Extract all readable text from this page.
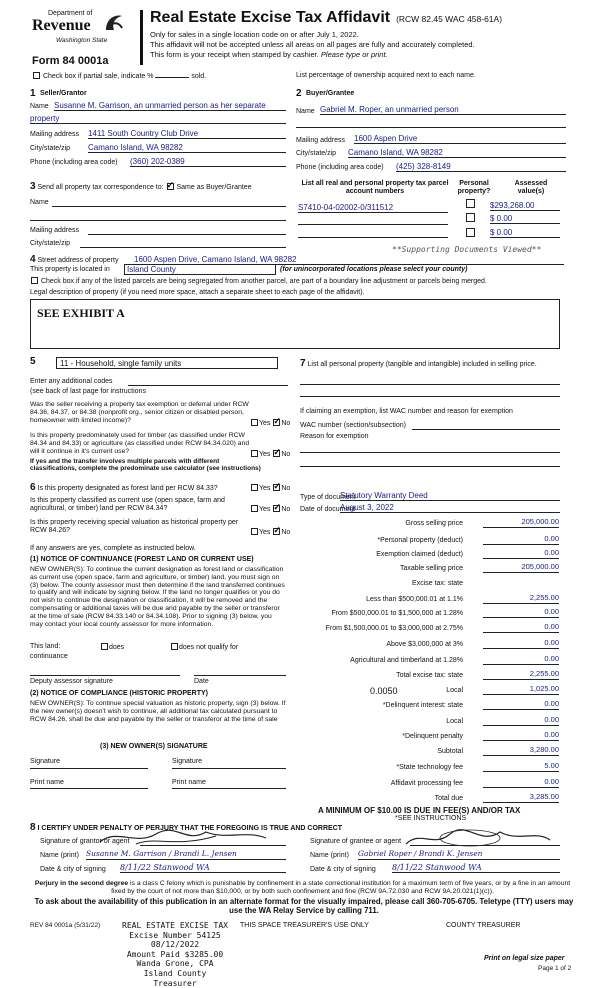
Department of
Revenue
Washington State
Form 84 0001a
Real Estate Excise Tax Affidavit (RCW 82.45 WAC 458-61A)
Only for sales in a single location code on or after July 1, 2022.
This affidavit will not be accepted unless all areas on all pages are fully and accurately completed.
This form is your receipt when stamped by cashier. Please type or print.
Check box if partial sale, indicate %	sold.	List percentage of ownership acquired next to each name.
1 Seller/Grantor
Name Susanne M. Garrison, an unmarried person as her separate
property
Mailing address 1411 South Country Club Drive
City/state/zip Camano Island, WA 98282
Phone (including area code) (360) 202-0389
2 Buyer/Grantee
Name Gabriel M. Roper, an unmarried person
Mailing address 1600 Aspen Drive
City/state/zip Camano Island, WA 98282
Phone (including area code) (425) 328-8149
3 Send all property tax correspondence to: ✓ Same as Buyer/Grantee
Name
Mailing address
City/state/zip
List all real and personal property tax parcel account numbers
Personal property?
Assessed value(s)
S7410-04-02002-0/311512	$293,268.00
$ 0.00
$ 0.00
**Supporting Documents Viewed**
4 Street address of property 1600 Aspen Drive, Camano Island, WA 98282
This property is located in	Island County	(for unincorporated locations please select your county)
Check box if any of the listed parcels are being segregated from another parcel, are part of a boundary line adjustment or parcels being merged.
Legal description of property (if you need more space, attach a separate sheet to each page of the affidavit).
SEE EXHIBIT A
5	11 - Household, single family units
Enter any additional codes
(see back of last page for instructions
Was the seller receiving a property tax exemption or deferral under RCW 84.36, 84.37, or 84.38 (nonprofit org., senior citizen or disabled person, homeowner with limited income)?	Yes ✓ No
Is this property predominately used for timber (as classified under RCW 84.34 and 84.33) or agriculture (as classified under RCW 84.34.020) and will it continue in it's current use?
If yes and the transfer involves multiple parcels with different classifications, complete the predominate use calculator (see instructions)
Yes ✓ No
6 Is this property designated as forest land per RCW 84.33?	Yes ✓ No
Is this property classified as current use (open space, farm and agricultural, or timber) land per RCW 84.34?	Yes ✓ No
Is this property receiving special valuation as historical property per RCW 84.26?	Yes ✓ No
If any answers are yes, complete as instructed below.
(1) NOTICE OF CONTINUANCE (FOREST LAND OR CURRENT USE)
NEW OWNER(S): To continue the current designation as forest land or classification as current use (open space, farm and agriculture, or timber) land, you must sign on (3) below. The county assessor must then determine if the land transferred continues to qualify and will indicate by signing below. If the land no longer qualifies or you do not wish to continue the designation or classification, it will be removed and the compensating or additional taxes will be due and payable by the seller or transferor at the time of sale (RCW 84.33.140 or 84.34.108). Prior to signing (3) below, you may contact your local county assessor for more information.
This land:	does	does not qualify for
continuance
Deputy assessor signature	Date
(2) NOTICE OF COMPLIANCE (HISTORIC PROPERTY)
NEW OWNER(S): To continue special valuation as historic property, sign (3) below. If the new owner(s) doesn't wish to continue, all additional tax calculated pursuant to RCW 84.26, shall be due and payable by the seller or transferor at the time of sale
(3) NEW OWNER(S) SIGNATURE
Signature	Signature
Print name	Print name
7 List all personal property (tangible and intangible) included in selling price.
If claiming an exemption, list WAC number and reason for exemption
WAC number (section/subsection)
Reason for exemption
Type of document
Statutory Warranty Deed
Date of document
August 3, 2022
Gross selling price	205,000.00
*Personal property (deduct)	0.00
Exemption claimed (deduct)	0.00
Taxable selling price	205,000.00
Excise tax: state
Less than $500,000.01 at 1.1%	2,255.00
From $500,000.01 to $1,500,000 at 1.28%	0.00
From $1,500,000.01 to $3,000,000 at 2.75%	0.00
Above $3,000,000 at 3%	0.00
Agricultural and timberland at 1.28%	0.00
Total excise tax: state	2,255.00
0.0050	Local	1,025.00
*Delinquent interest: state	0.00
Local	0.00
*Delinquent penalty	0.00
Subtotal	3,280.00
*State technology fee	5.00
Affidavit processing fee	0.00
Total due	3,285.00
A MINIMUM OF $10.00 IS DUE IN FEE(S) AND/OR TAX
*SEE INSTRUCTIONS
8 I CERTIFY UNDER PENALTY OF PERJURY THAT THE FOREGOING IS TRUE AND CORRECT
Signature of grantor or agent
Name (print) Susanne M. Garrison / Brandi L. Jensen
Date & city of signing 8/11/22 Stanwood WA
Signature of grantee or agent
Name (print) Gabriel Roper / Brandi K. Jensen
Date & city of signing 8/11/22 Stanwood WA
Perjury in the second degree is a class C felony which is punishable by confinement in a state correctional institution for a maximum term of five years, or by a fine in an amount fixed by the court of not more than $10,000, or by both such confinement and fine (RCW 9A.72.030 and RCW 9A.20.021(1)(c)).
To ask about the availability of this publication in an alternate format for the visually impaired, please call 360-705-6705. Teletype (TTY) users may use the WA Relay Service by calling 711.
REV 84 0001a (5/31/22)	REAL ESTATE EXCISE TAX
Excise Number 54125
08/12/2022
Amount Paid $3285.00
Wanda Grone, CPA
Island County Treasurer
THIS SPACE TREASURER'S USE ONLY	COUNTY TREASURER
Print on legal size paper
Page 1 of 2
